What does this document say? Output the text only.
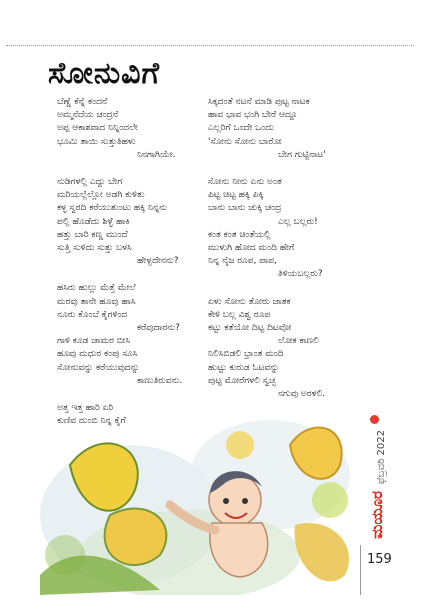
ಸೋನುವಿಗೆ
ಬೆಣ್ಣೆ ಕೆನ್ನೆ ಕಂದನೆ
ಅಮ್ಮನೆದೆಯ ಚಂದ್ರನೆ
ಅಪ್ಪ ಆಕಾಶವಾದ ನಿನ್ನಿಂದಲೇ
ಭೂಮಿ ತಾಯಿ ಸುತ್ತುತಿಹಳು
ನಿನಗಾಗಿಯೇ.
ನುಡಿಗಳಲ್ಲಿ ಎದ್ದು ಬೇಗ
ಮರಿಯಲ್ಲೆಲ್ಲೋ ಅಡಗಿ ಕುಳಿತು
ಕಳ್ಳ ಸ್ವರದಿ ಕರೆಯುತುಂಟು ಹಕ್ಕಿ ನಿನ್ನನು
ಪಲ್ಲಿ ಹೊಡೆದು ಶಿಳ್ಳೆ ಹಾಕಿ
ಹತ್ತು ಬಾರಿ ಕಣ್ಣ ಮುಂದೆ
ಸುತ್ತಿ ಸುಳಿದು ಸುತ್ತು ಬಳಸಿ
ಹೇಳ್ಬದೇನನು?
ಹಸಿರು ಹುಲ್ಲು ಮೆತ್ತೆ ಮೇಲೆ
ಮರವು ತಾನೇ ಹೂವು ಹಾಸಿ
ನೂರು ಕೊಂಬೆ ಕೈಗಳಿಂದ
ಕರೆವುದಾರನು?
ಗಾಳಿ ಕೂಡ ಚಾಮರ ಬೀಸಿ
ಹೂವು ಮಧುರ ಕಂಪು ಸೂಸಿ
ಸೋನುವನ್ನು ಕರೆಯುವುದನ್ನು
ಕಾಣುತಿರುವನು.
ಅತ್ತ ಇತ್ತ ಹಾರಿ ಏರಿ
ಕುಣಿವ ದುಂಬಿ ನಿನ್ನ ಕೈಗೆ
ಸಿಕ್ಕದಂತೆ ನಟನೆ ಮಾಡಿ ಪುಟ್ಟ ನಾಟಕ
ಹಾವ ಭಾವ ಭಂಗಿ ಬೇರೆ ಆದ್ದೂ
ಎಲ್ಲರಿಗೆ ಒಂದೇ ಒಂದು
'ಸೋನು ಸೋನು ಬಾರೋ
ಬೇಗ ಗುಟ್ಟಿನಾಟ'
ಸೋನು ನೀನು ಏನು ಅಂತ
ಪಿಟ್ಟ ಚಿಟ್ಟ ಹಕ್ಕಿ ಪಿಕ್ಕಿ
ಬಾನು ಬಾನು ಚುಕ್ಕಿ ಚಂದ್ರ
ಎಲ್ಲ ಬಲ್ಲರು!
ಕಂತ ಕಂತ ಚಿಂತೆಯಲ್ಲಿ
ಮುಳುಗಿ ಹೋದ ಮಂದಿ ಹೇಗೆ
ನಿನ್ನ ನೈಜ ರೂಪ, ಪಾಪ,
ತಿಳಿಯಬಲ್ಲರು?
ಏಳು ಸೋನು ತೋರು ಜಾತಕ
ಕೇಳಿ ಬಲ್ಲ ವಿಶ್ವ ರೂಪ
ಕಟ್ಟು ಕತೆಯೋ ದಿಟ್ಟ ದಿಟವೋ
ಲೋಕ ಕಾಣಲಿ
ನಿಲಿಸಿಬಿಡಲಿ ಭ್ರಾಂತ ಮಂದಿ
ಹುಟ್ಟು ಕುರುಡ ಓಟವನ್ನು
ಪುಟ್ಟ ಮೋರೆಗಳಲಿ ಸ್ವಚ್ಛ
ನಗುವು ಅರಳಲಿ.
ಫೆಬ್ರವರಿ 2022
ಮಯೂರ
159
